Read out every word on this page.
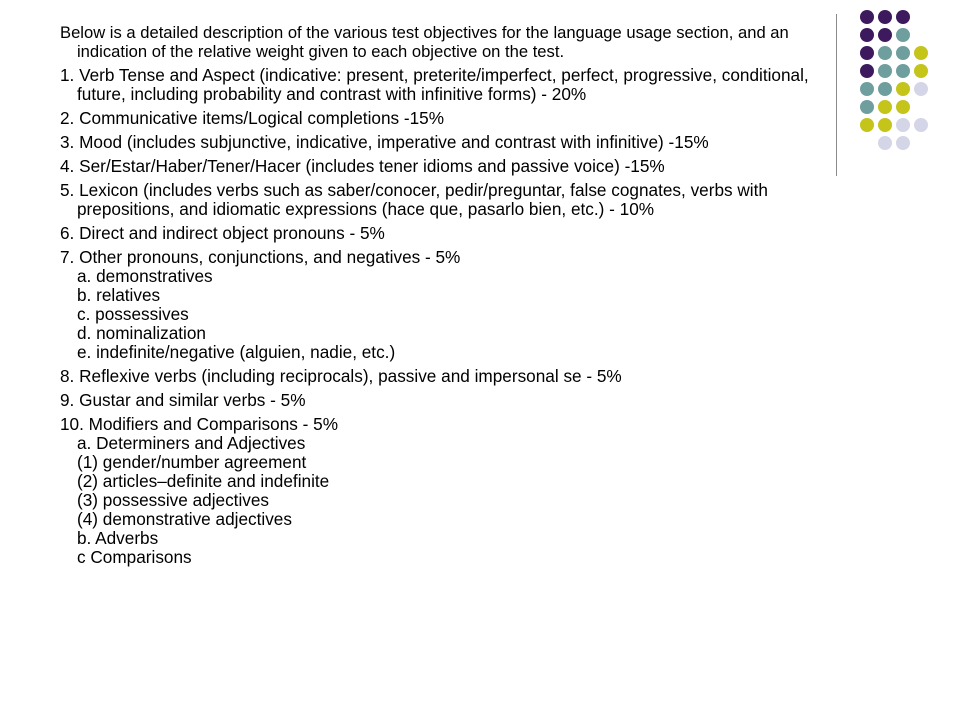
Below is a detailed description of the various test objectives for the language usage section, and an indication of the relative weight given to each objective on the test.

1. Verb Tense and Aspect (indicative: present, preterite/imperfect, perfect, progressive, conditional, future, including probability and contrast with infinitive forms) - 20%
2. Communicative items/Logical completions -15%
3. Mood (includes subjunctive, indicative, imperative and contrast with infinitive) -15%
4. Ser/Estar/Haber/Tener/Hacer (includes tener idioms and passive voice) -15%
5. Lexicon (includes verbs such as saber/conocer, pedir/preguntar, false cognates, verbs with prepositions, and idiomatic expressions (hace que, pasarlo bien, etc.) - 10%
6. Direct and indirect object pronouns - 5%
7. Other pronouns, conjunctions, and negatives - 5%
a. demonstratives
b. relatives
c. possessives
d. nominalization
e. indefinite/negative (alguien, nadie, etc.)
8. Reflexive verbs (including reciprocals), passive and impersonal se - 5%
9. Gustar and similar verbs - 5%
10. Modifiers and Comparisons - 5%
a. Determiners and Adjectives
(1) gender/number agreement
(2) articles–definite and indefinite
(3) possessive adjectives
(4) demonstrative adjectives
b. Adverbs
c Comparisons
